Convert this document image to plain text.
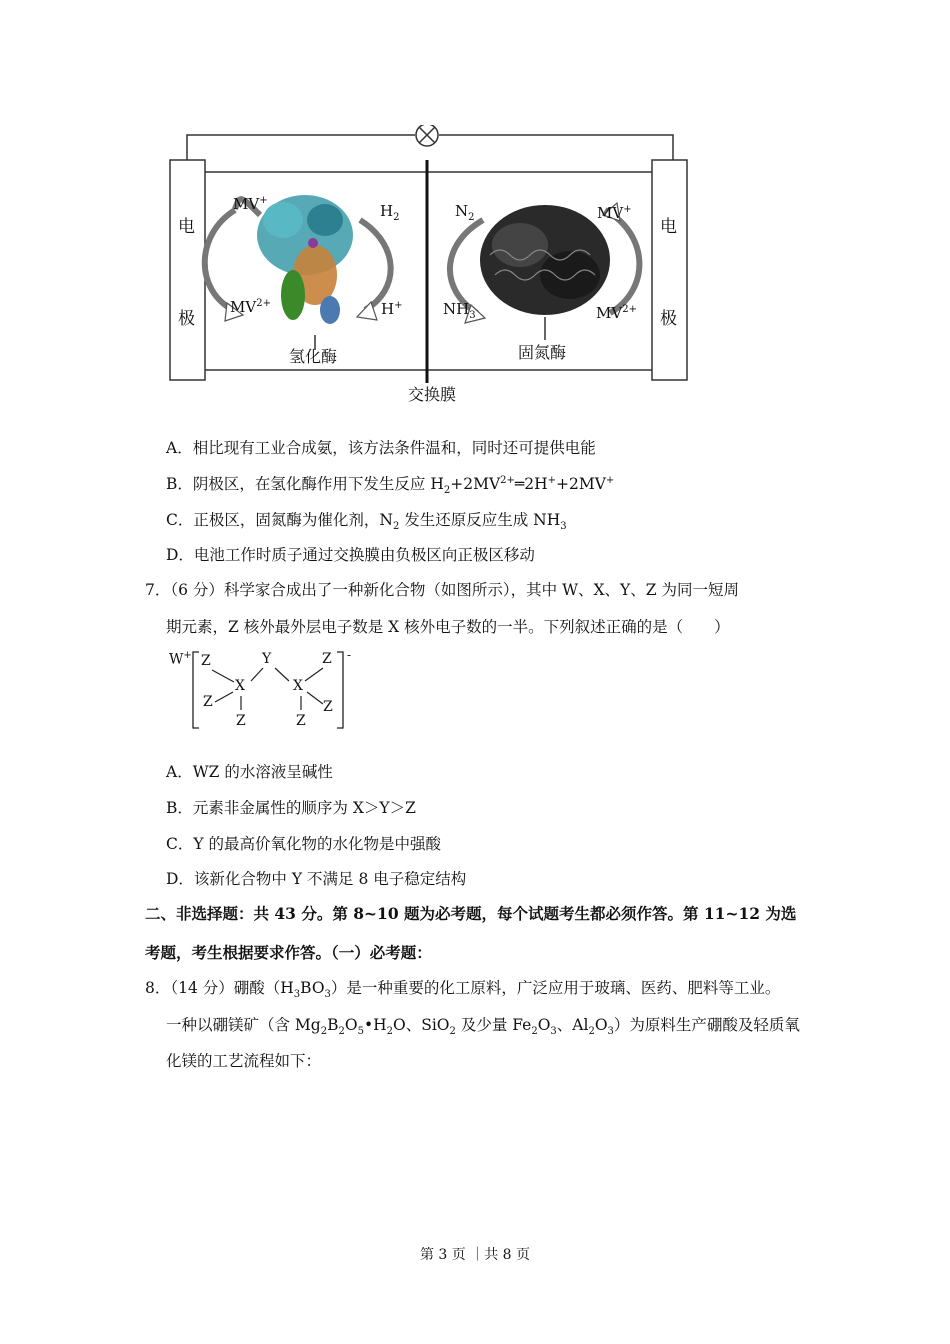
电
极
电
极
MV+
$MV^{2+}$
$H_2$
H+
氢化酶
$N_2$
$NH_3$
MV+
$MV^{2+}$
固氮酶
交换膜
A．相比现有工业合成氨，该方法条件温和，同时还可提供电能
B．阴极区，在氢化酶作用下发生反应 $H_2+2MV^{2+}═2H^++2MV^+$
C．正极区，固氮酶为催化剂，$N_2$ 发生还原反应生成 $NH_3$
D．电池工作时质子通过交换膜由负极区向正极区移动
7．（6 分）科学家合成出了一种新化合物（如图所示），其中 W、X、Y、Z 为同一短周
期元素，Z 核外最外层电子数是 X 核外电子数的一半。下列叙述正确的是（　　）
W+ Z	Y	Z -
X	X
Z	Z
Z	Z
A．WZ 的水溶液呈碱性
B．元素非金属性的顺序为 X＞Y＞Z
C．Y 的最高价氧化物的水化物是中强酸
D．该新化合物中 Y 不满足 8 电子稳定结构
二、非选择题：共 43 分。第 8~10 题为必考题，每个试题考生都必须作答。第 11~12 为选
考题，考生根据要求作答。（一）必考题：
8．（14 分）硼酸$(H_3BO_3)$是一种重要的化工原料，广泛应用于玻璃、医药、肥料等工业。
一种以硼镁矿（含 $Mg_2B_2O_5•H_2O$、SiO$_2$ 及少量 $Fe_2O_3$、$Al_2O_3$）为原料生产硼酸及轻质氧
化镁的工艺流程如下：
第 3 页 ｜共 8 页
